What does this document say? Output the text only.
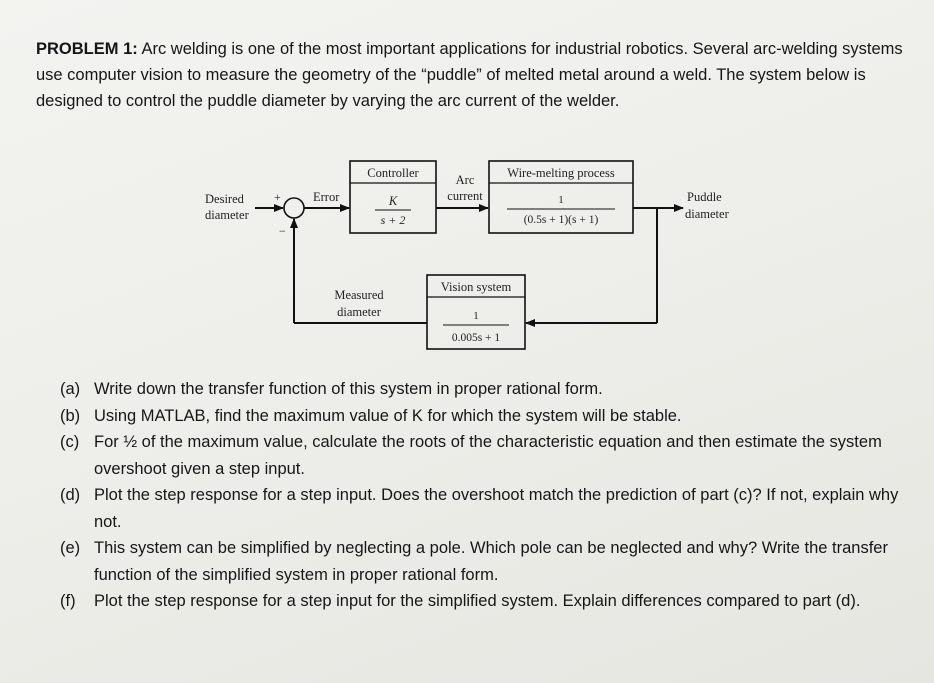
PROBLEM 1: Arc welding is one of the most important applications for industrial robotics. Several arc-welding systems use computer vision to measure the geometry of the “puddle” of melted metal around a weld. The system below is designed to control the puddle diameter by varying the arc current of the welder.
Desired
diameter
+
−
Error
Controller
K
s + 2
Arc
current
Wire-melting process
1
(0.5s + 1)(s + 1)
Puddle
diameter
Vision system
1
0.005s + 1
Measured
diameter
(a) Write down the transfer function of this system in proper rational form.
(b) Using MATLAB, find the maximum value of K for which the system will be stable.
(c) For ½ of the maximum value, calculate the roots of the characteristic equation and then estimate the system overshoot given a step input.
(d) Plot the step response for a step input. Does the overshoot match the prediction of part (c)? If not, explain why not.
(e) This system can be simplified by neglecting a pole. Which pole can be neglected and why? Write the transfer function of the simplified system in proper rational form.
(f) Plot the step response for a step input for the simplified system. Explain differences compared to part (d).
